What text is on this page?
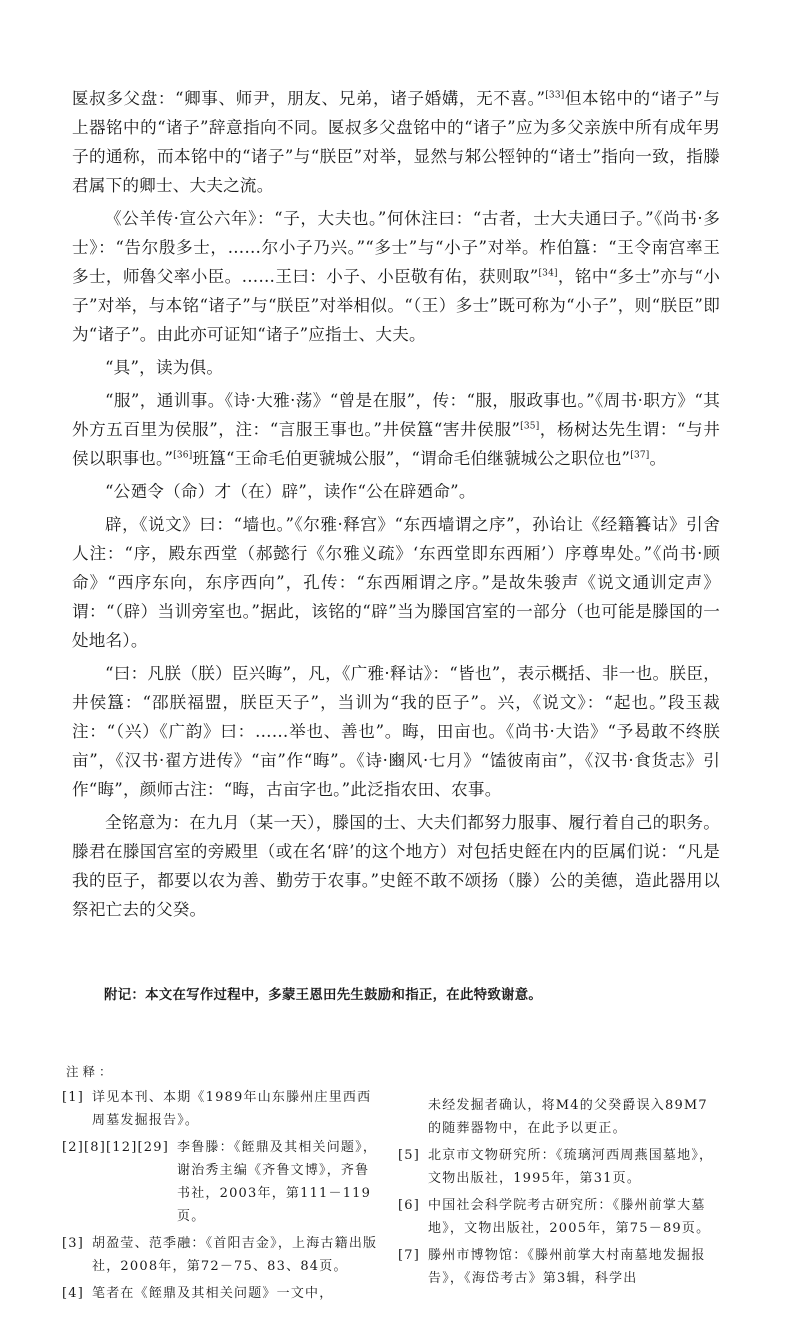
匽叔多父盘：“卿事、师尹，朋友、兄弟，诸子婚媾，无不喜。”[33]但本铭中的“诸子”与上器铭中的“诸子”辞意指向不同。匽叔多父盘铭中的“诸子”应为多父亲族中所有成年男子的通称，而本铭中的“诸子”与“朕臣”对举，显然与邾公牼钟的“诸士”指向一致，指滕君属下的卿士、大夫之流。

《公羊传·宣公六年》：“子，大夫也。”何休注曰：“古者，士大夫通曰子。”《尚书·多士》：“告尔殷多士，……尔小子乃兴。”“多士”与“小子”对举。柞伯簋：“王令南宫率王多士，师魯父率小臣。……王曰：小子、小臣敬有佑，获则取”[34]，铭中“多士”亦与“小子”对举，与本铭“诸子”与“朕臣”对举相似。“（王）多士”既可称为“小子”，则“朕臣”即为“诸子”。由此亦可证知“诸子”应指士、大夫。

“具”，读为俱。

“服”，通训事。《诗·大雅·荡》“曾是在服”，传：“服，服政事也。”《周书·职方》“其外方五百里为侯服”，注：“言服王事也。”井侯簋“害井侯服”[35]，杨树达先生谓：“与井侯以职事也。”[36]班簋“王命毛伯更虢城公服”，“谓命毛伯继虢城公之职位也”[37]。

“公廼令（命）才（在）辟”，读作“公在辟廼命”。

辟，《说文》曰：“墙也。”《尔雅·释宫》“东西墙谓之序”，孙诒让《经籍籑诂》引舍人注：“序，殿东西堂（郝懿行《尔雅义疏》‘东西堂即东西厢’）序尊卑处。”《尚书·顾命》“西序东向，东序西向”，孔传：“东西厢谓之序。”是故朱骏声《说文通训定声》谓：“（辟）当训旁室也。”据此，该铭的“辟”当为滕国宫室的一部分（也可能是滕国的一处地名）。

“曰：凡朕（朕）臣兴晦”，凡，《广雅·释诂》：“皆也”，表示概括、非一也。朕臣，井侯簋：“邵朕福盟，朕臣天子”，当训为“我的臣子”。兴，《说文》：“起也。”段玉裁注：“（兴）《广韵》曰：……举也、善也”。晦，田亩也。《尚书·大诰》“予曷敢不终朕亩”，《汉书·翟方进传》“亩”作“晦”。《诗·豳风·七月》“馌彼南亩”，《汉书·食货志》引作“晦”，颜师古注：“晦，古亩字也。”此泛指农田、农事。

全铭意为：在九月（某一天），滕国的士、大夫们都努力服事、履行着自己的职务。滕君在滕国宫室的旁殿里（或在名‘辟’的这个地方）对包括史䬹在内的臣属们说：“凡是我的臣子，都要以农为善、勤劳于农事。”史䬹不敢不颂扬（滕）公的美德，造此器用以祭祀亡去的父癸。

附记：本文在写作过程中，多蒙王恩田先生鼓励和指正，在此特致谢意。
注释：
[1] 详见本刊、本期《1989年山东滕州庄里西西周墓发掘报告》。
[2][8][12][29] 李鲁滕：《䬹鼎及其相关问题》，谢治秀主编《齐鲁文博》，齐鲁书社，2003年，第111－119页。
[3] 胡盈莹、范季融：《首阳吉金》，上海古籍出版社，2008年，第72－75、83、84页。
[4] 笔者在《䬹鼎及其相关问题》一文中，
未经发掘者确认，将M4的父癸爵误入89M7的随葬器物中，在此予以更正。
[5] 北京市文物研究所：《琉璃河西周燕国墓地》，文物出版社，1995年，第31页。
[6] 中国社会科学院考古研究所：《滕州前掌大墓地》，文物出版社，2005年，第75－89页。
[7] 滕州市博物馆：《滕州前掌大村南墓地发掘报告》，《海岱考古》第3辑，科学出
